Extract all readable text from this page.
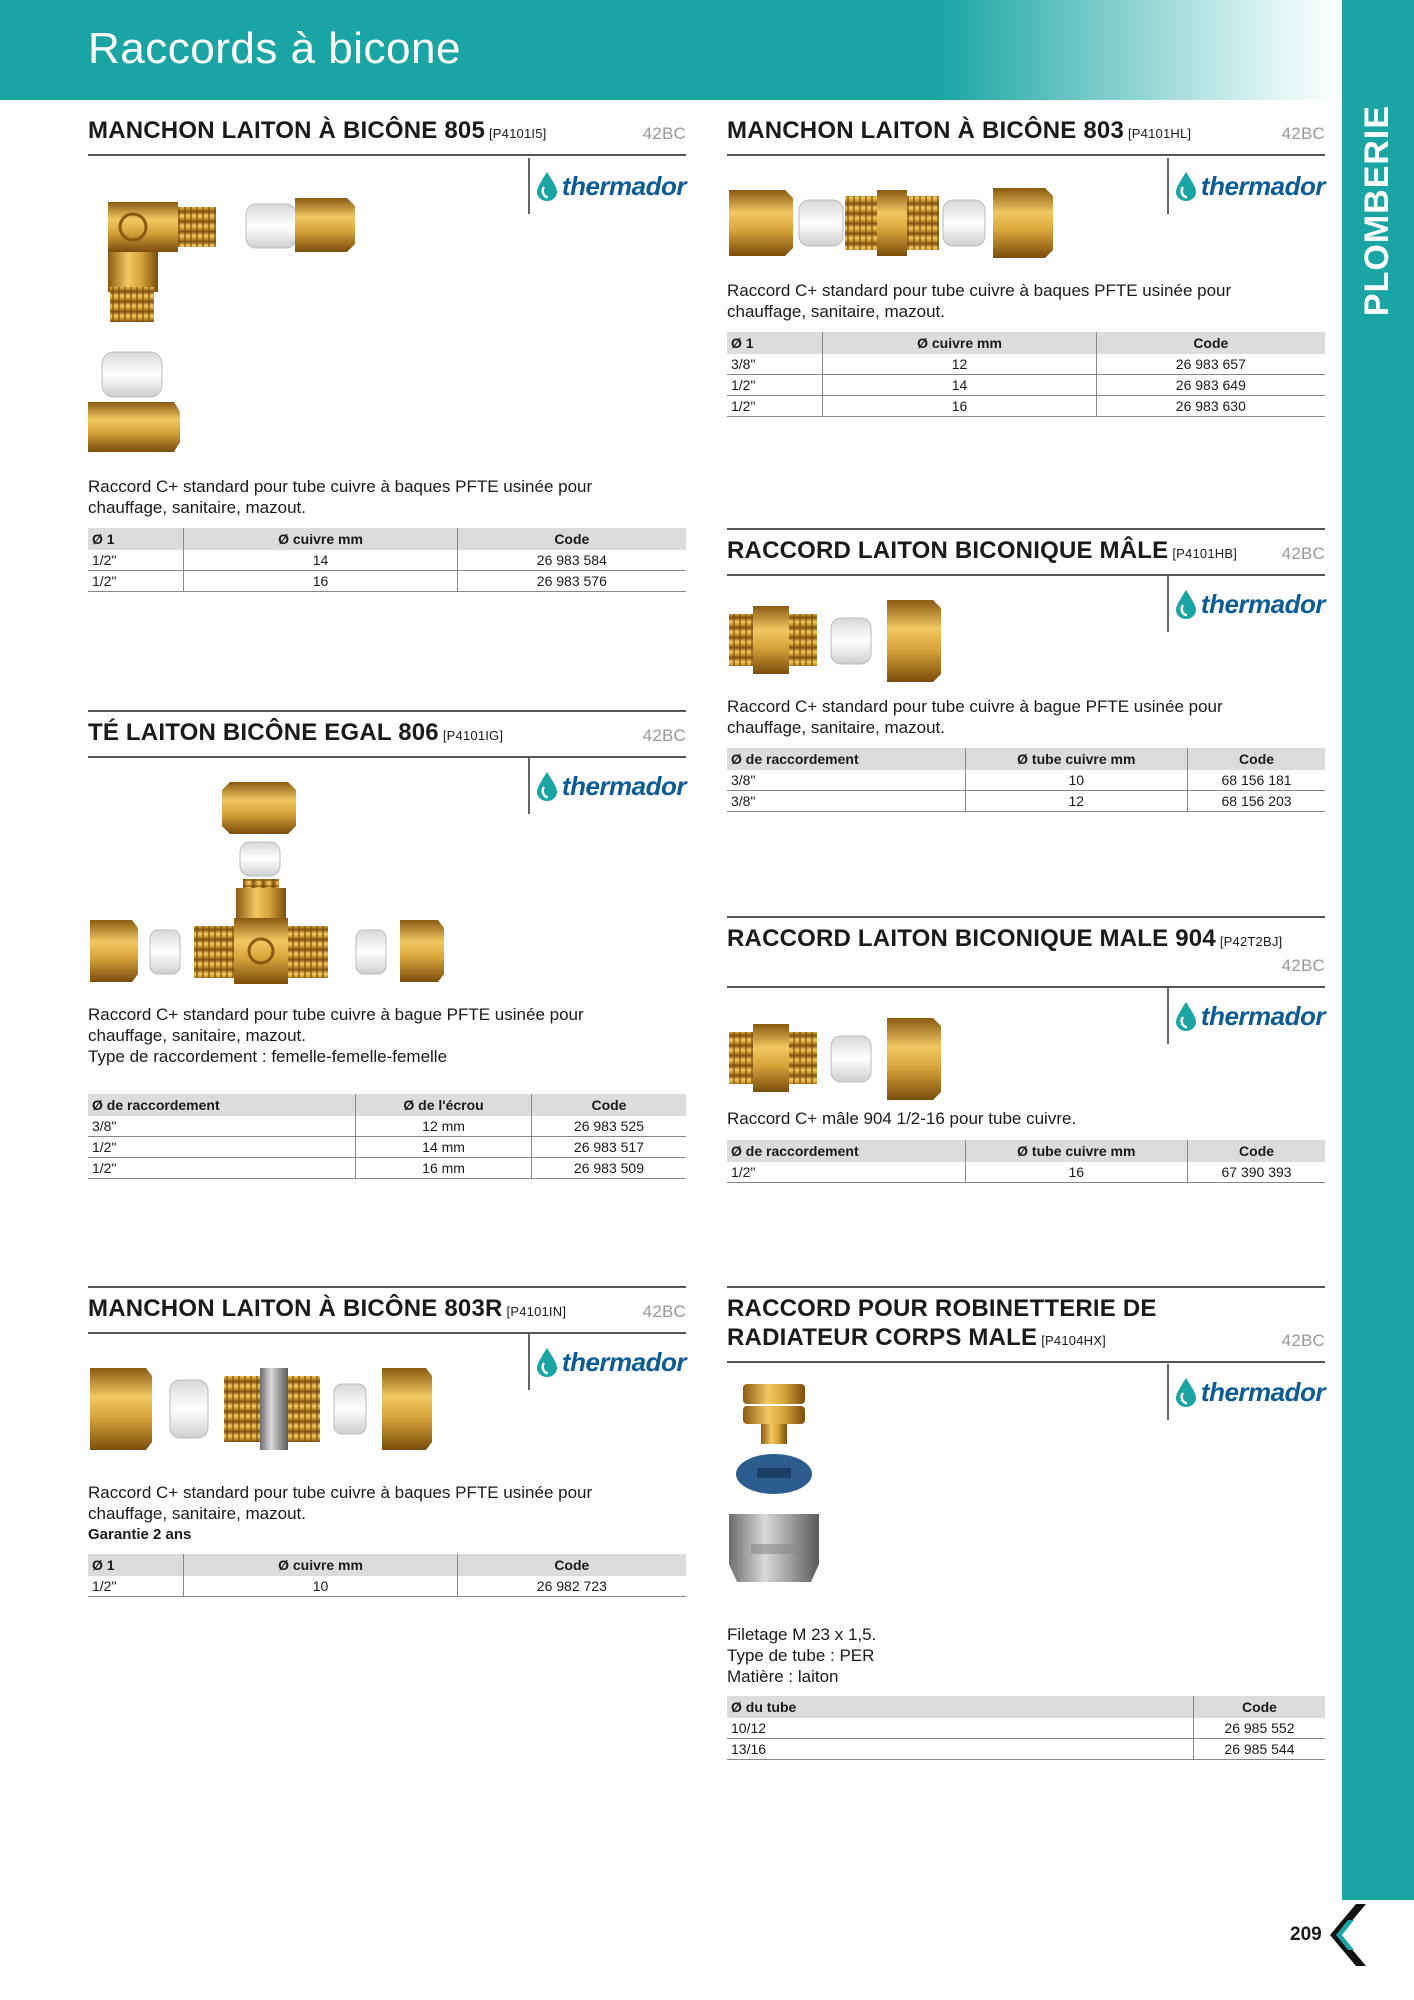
Raccords à bicone
PLOMBERIE
MANCHON LAITON À BICÔNE 805 [P4101I5]	42BC
thermador
Raccord C+ standard pour tube cuivre à baques PFTE usinée pour
chauffage, sanitaire, mazout.
Ø 1	Ø cuivre mm	Code
1/2"	14	26 983 584
1/2"	16	26 983 576
MANCHON LAITON À BICÔNE 803 [P4101HL]	42BC
thermador
Raccord C+ standard pour tube cuivre à baques PFTE usinée pour
chauffage, sanitaire, mazout.
Ø 1	Ø cuivre mm	Code
3/8"	12	26 983 657
1/2"	14	26 983 649
1/2"	16	26 983 630
RACCORD LAITON BICONIQUE MÂLE [P4101HB]	42BC
thermador
Raccord C+ standard pour tube cuivre à bague PFTE usinée pour
chauffage, sanitaire, mazout.
Ø de raccordement	Ø tube cuivre mm	Code
3/8"	10	68 156 181
3/8"	12	68 156 203
TÉ LAITON BICÔNE EGAL 806 [P4101IG]	42BC
thermador
Raccord C+ standard pour tube cuivre à bague PFTE usinée pour
chauffage, sanitaire, mazout.
Type de raccordement : femelle-femelle-femelle
Ø de raccordement	Ø de l'écrou	Code
3/8"	12 mm	26 983 525
1/2"	14 mm	26 983 517
1/2"	16 mm	26 983 509
RACCORD LAITON BICONIQUE MALE 904 [P42T2BJ]
42BC
thermador
Raccord C+ mâle 904 1/2-16 pour tube cuivre.
Ø de raccordement	Ø tube cuivre mm	Code
1/2"	16	67 390 393
MANCHON LAITON À BICÔNE 803R [P4101IN]	42BC
thermador
Raccord C+ standard pour tube cuivre à baques PFTE usinée pour
chauffage, sanitaire, mazout.
Garantie 2 ans
Ø 1	Ø cuivre mm	Code
1/2"	10	26 982 723
RACCORD POUR ROBINETTERIE DE
RADIATEUR CORPS MALE [P4104HX]	42BC
thermador
Filetage M 23 x 1,5.
Type de tube : PER
Matière : laiton
Ø du tube	Code
10/12	26 985 552
13/16	26 985 544
209
